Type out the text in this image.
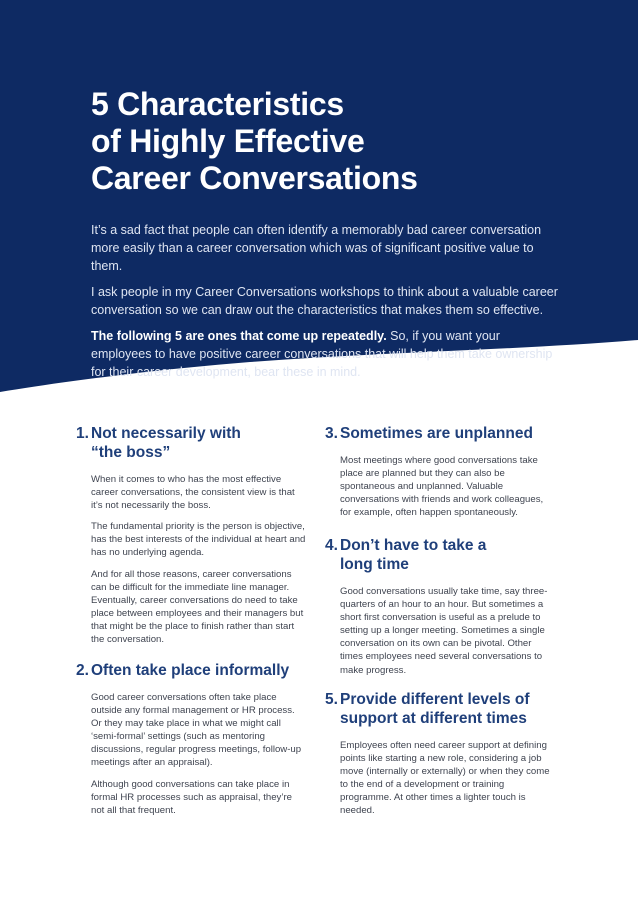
5 Characteristics
of Highly Effective
Career Conversations

It’s a sad fact that people can often identify a memorably bad career conversation more easily than a career conversation which was of significant positive value to them.

I ask people in my Career Conversations workshops to think about a valuable career conversation so we can draw out the characteristics that makes them so effective.

The following 5 are ones that come up repeatedly. So, if you want your employees to have positive career conversations that will help them take ownership for their career development, bear these in mind.

1. Not necessarily with “the boss”

When it comes to who has the most effective career conversations, the consistent view is that it’s not necessarily the boss.

The fundamental priority is the person is objective, has the best interests of the individual at heart and has no underlying agenda.

And for all those reasons, career conversations can be difficult for the immediate line manager. Eventually, career conversations do need to take place between employees and their managers but that might be the place to finish rather than start the conversation.

2. Often take place informally

Good career conversations often take place outside any formal management or HR process. Or they may take place in what we might call ‘semi-formal’ settings (such as mentoring discussions, regular progress meetings, follow-up meetings after an appraisal).

Although good conversations can take place in formal HR processes such as appraisal, they’re not all that frequent.

3. Sometimes are unplanned

Most meetings where good conversations take place are planned but they can also be spontaneous and unplanned. Valuable conversations with friends and work colleagues, for example, often happen spontaneously.

4. Don’t have to take a long time

Good conversations usually take time, say three-quarters of an hour to an hour. But sometimes a short first conversation is useful as a prelude to setting up a longer meeting. Sometimes a single conversation on its own can be pivotal. Other times employees need several conversations to make progress.

5. Provide different levels of support at different times

Employees often need career support at defining points like starting a new role, considering a job move (internally or externally) or when they come to the end of a development or training programme. At other times a lighter touch is needed.
